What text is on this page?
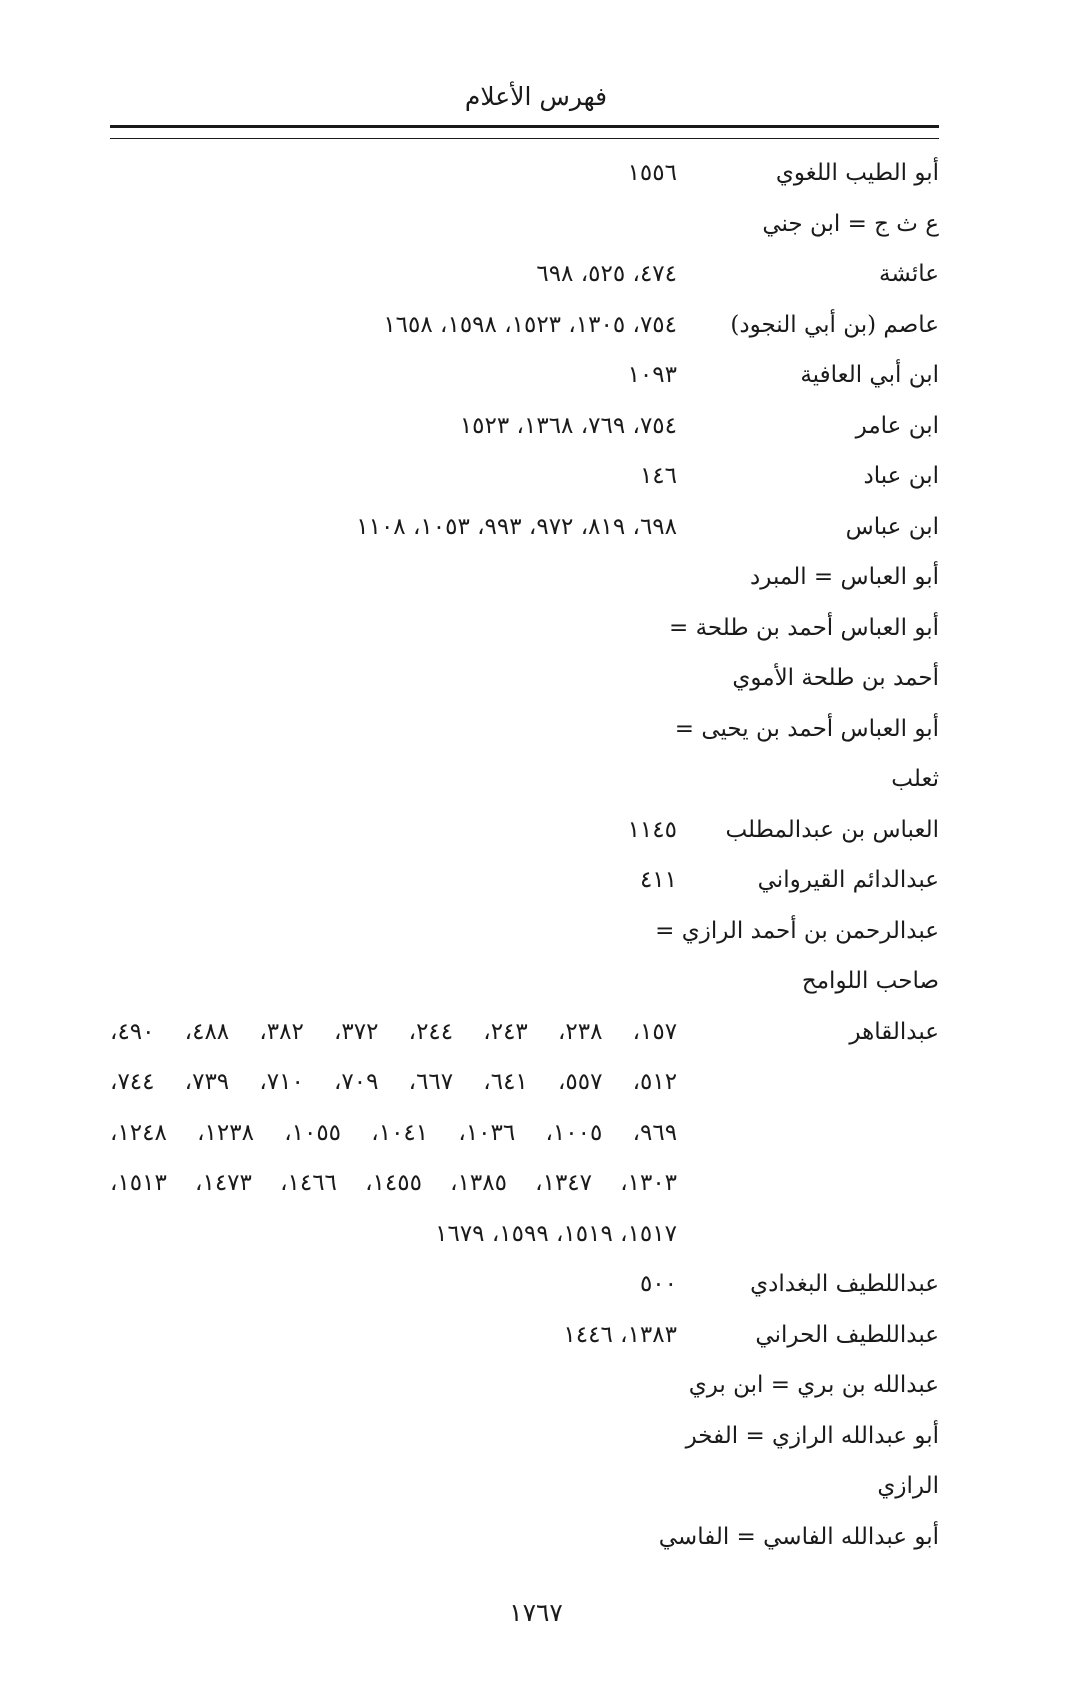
فهرس الأعلام
أبو الطيب اللغوي
١٥٥٦
ع ث ج = ابن جني
عائشة
٤٧٤، ٥٢٥، ٦٩٨
عاصم (بن أبي النجود)
٧٥٤، ١٣٠٥، ١٥٢٣، ١٥٩٨، ١٦٥٨
ابن أبي العافية
١٠٩٣
ابن عامر
٧٥٤، ٧٦٩، ١٣٦٨، ١٥٢٣
ابن عباد
١٤٦
ابن عباس
٦٩٨، ٨١٩، ٩٧٢، ٩٩٣، ١٠٥٣، ١١٠٨
أبو العباس = المبرد
أبو العباس أحمد بن طلحة =
أحمد بن طلحة الأموي
أبو العباس أحمد بن يحيى =
ثعلب
العباس بن عبدالمطلب
١١٤٥
عبدالدائم القيرواني
٤١١
عبدالرحمن بن أحمد الرازي =
صاحب اللوامح
عبدالقاهر
١٥٧، ٢٣٨، ٢٤٣، ٢٤٤، ٣٧٢، ٣٨٢، ٤٨٨، ٤٩٠،
٥١٢، ٥٥٧، ٦٤١، ٦٦٧، ٧٠٩، ٧١٠، ٧٣٩، ٧٤٤،
٩٦٩، ١٠٠٥، ١٠٣٦، ١٠٤١، ١٠٥٥، ١٢٣٨، ١٢٤٨،
١٣٠٣، ١٣٤٧، ١٣٨٥، ١٤٥٥، ١٤٦٦، ١٤٧٣، ١٥١٣،
١٥١٧، ١٥١٩، ١٥٩٩، ١٦٧٩
عبداللطيف البغدادي
٥٠٠
عبداللطيف الحراني
١٣٨٣، ١٤٤٦
عبدالله بن بري = ابن بري
أبو عبدالله الرازي = الفخر
الرازي
أبو عبدالله الفاسي = الفاسي
١٧٦٧
